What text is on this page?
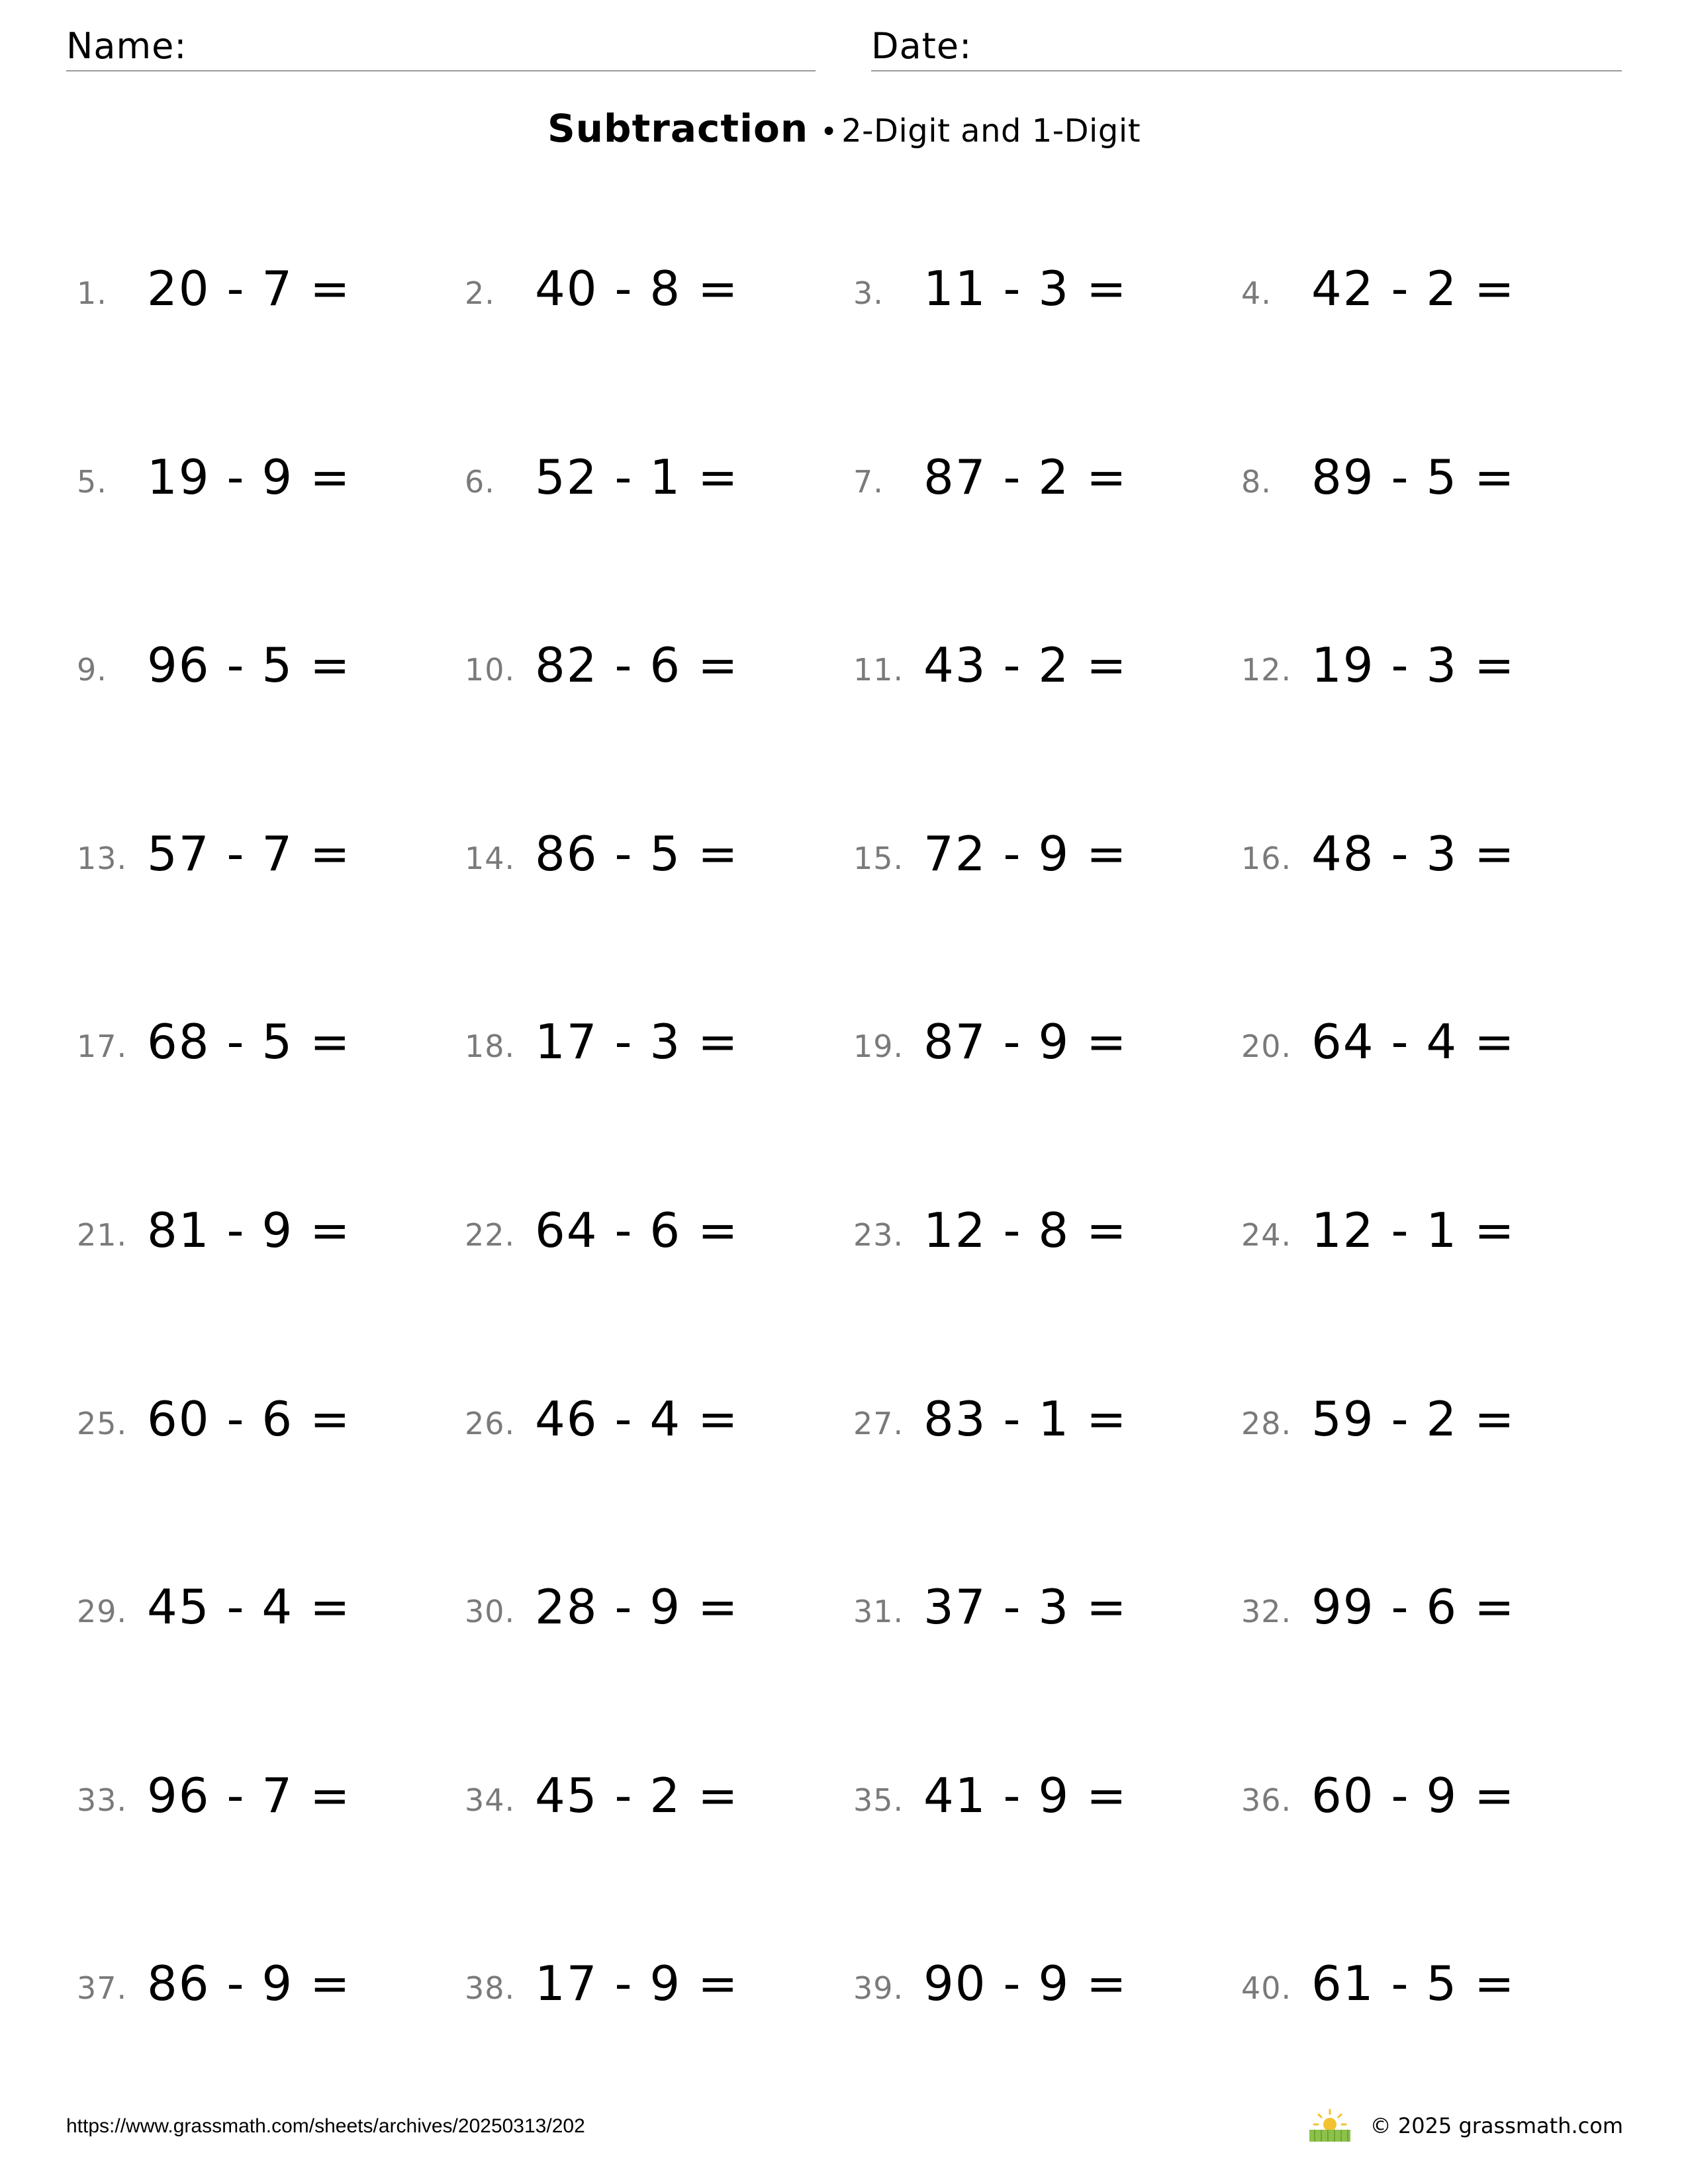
Name:	Date:
Subtraction • 2-Digit and 1-Digit
1. 20 - 7 =	2. 40 - 8 =	3. 11 - 3 =	4. 42 - 2 =
5. 19 - 9 =	6. 52 - 1 =	7. 87 - 2 =	8. 89 - 5 =
9. 96 - 5 =	10. 82 - 6 =	11. 43 - 2 =	12. 19 - 3 =
13. 57 - 7 =	14. 86 - 5 =	15. 72 - 9 =	16. 48 - 3 =
17. 68 - 5 =	18. 17 - 3 =	19. 87 - 9 =	20. 64 - 4 =
21. 81 - 9 =	22. 64 - 6 =	23. 12 - 8 =	24. 12 - 1 =
25. 60 - 6 =	26. 46 - 4 =	27. 83 - 1 =	28. 59 - 2 =
29. 45 - 4 =	30. 28 - 9 =	31. 37 - 3 =	32. 99 - 6 =
33. 96 - 7 =	34. 45 - 2 =	35. 41 - 9 =	36. 60 - 9 =
37. 86 - 9 =	38. 17 - 9 =	39. 90 - 9 =	40. 61 - 5 =
https://www.grassmath.com/sheets/archives/20250313/202	© 2025 grassmath.com
